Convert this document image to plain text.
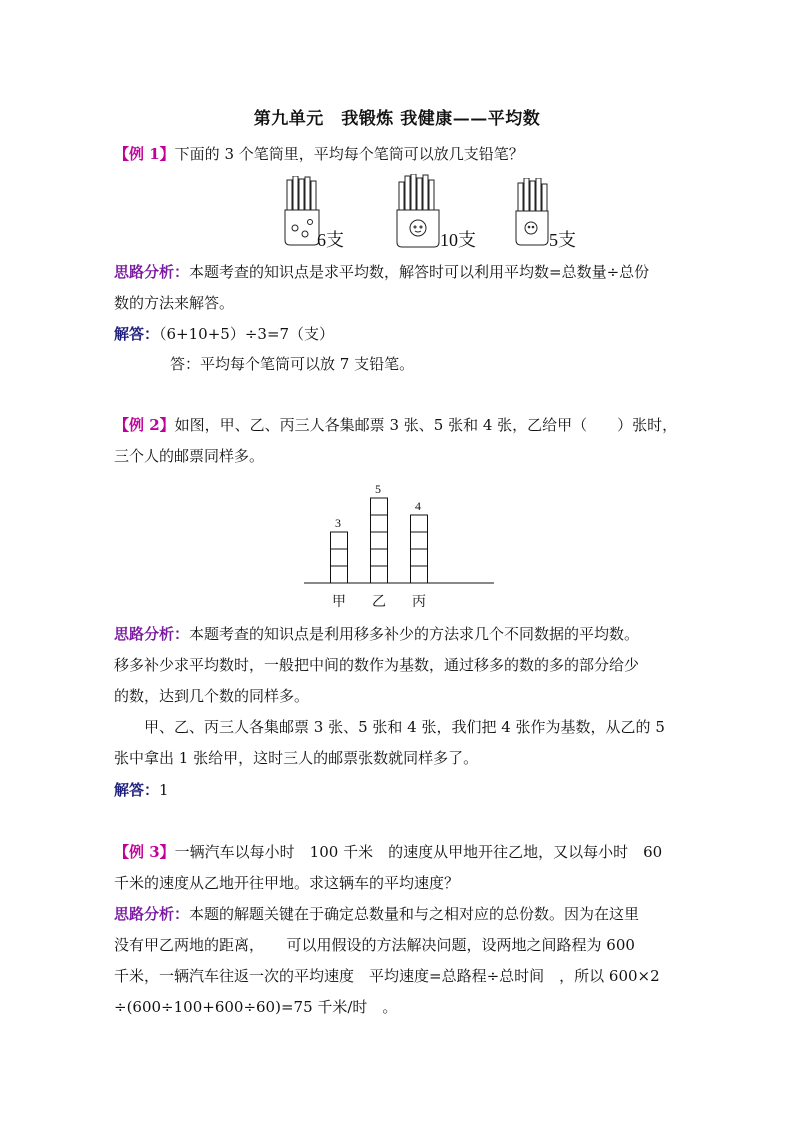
第九单元　我锻炼 我健康——平均数
【例 1】下面的 3 个笔筒里，平均每个笔筒可以放几支铅笔？
6支	10支	5支
思路分析：本题考查的知识点是求平均数，解答时可以利用平均数=总数量÷总份
数的方法来解答。
解答：（6+10+5）÷3=7（支）
答：平均每个笔筒可以放 7 支铅笔。
【例 2】如图，甲、乙、丙三人各集邮票 3 张、5 张和 4 张，乙给甲（　　）张时，
三个人的邮票同样多。
3
甲
5
乙
4
丙
思路分析：本题考查的知识点是利用移多补少的方法求几个不同数据的平均数。
移多补少求平均数时，一般把中间的数作为基数，通过移多的数的多的部分给少
的数，达到几个数的同样多。
　　甲、乙、丙三人各集邮票 3 张、5 张和 4 张，我们把 4 张作为基数，从乙的 5
张中拿出 1 张给甲，这时三人的邮票张数就同样多了。
解答：1
【例 3】一辆汽车以每小时　100 千米　的速度从甲地开往乙地，又以每小时　60
千米的速度从乙地开往甲地。求这辆车的平均速度？
思路分析：本题的解题关键在于确定总数量和与之相对应的总份数。因为在这里
没有甲乙两地的距离，　　可以用假设的方法解决问题，设两地之间路程为 600
千米，一辆汽车往返一次的平均速度　平均速度=总路程÷总时间　，所以 600×2
÷(600÷100+600÷60)=75 千米/时　。
